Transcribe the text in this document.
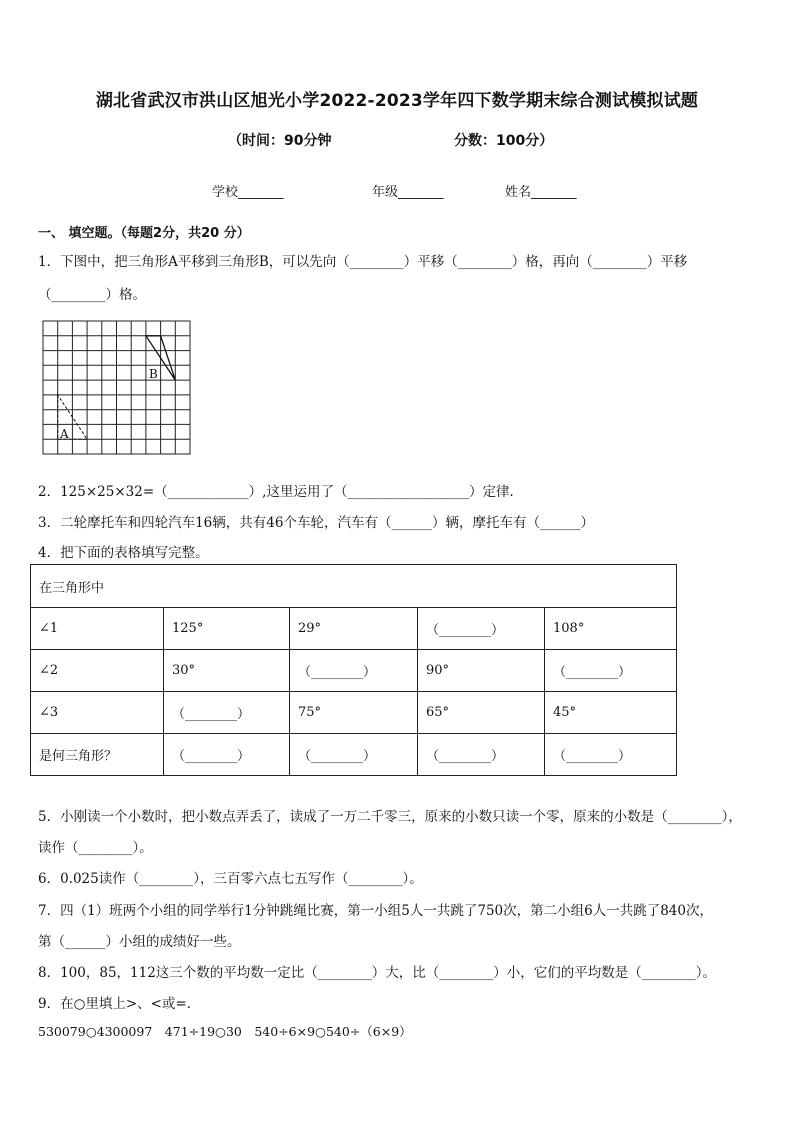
湖北省武汉市洪山区旭光小学2022-2023学年四下数学期末综合测试模拟试题
（时间：90分钟	分数：100分）
学校_______	年级_______	姓名_______
一、 填空题。（每题2分，共20 分）
1．下图中，把三角形A平移到三角形B，可以先向（________）平移（________）格，再向（________）平移
（________）格。
B
A
2．125×25×32=（____________）,这里运用了（__________________）定律．
3．二轮摩托车和四轮汽车16辆，共有46个车轮，汽车有（______）辆，摩托车有（______）
4．把下面的表格填写完整。
在三角形中				
∠1	125°	29°	（________）	108°
∠2	30°	（________）	90°	（________）
∠3	（________）	75°	65°	45°
是何三角形？	（________）	（________）	（________）	（________）
5．小刚读一个小数时，把小数点弄丢了，读成了一万二千零三，原来的小数只读一个零，原来的小数是（________），
读作（________）。
6．0.025读作（________），三百零六点七五写作（________）。
7．四（1）班两个小组的同学举行1分钟跳绳比赛，第一小组5人一共跳了750次，第二小组6人一共跳了840次，
第（______）小组的成绩好一些。
8．100，85，112这三个数的平均数一定比（________）大，比（________）小，它们的平均数是（________）。
9．在○里填上>、<或=．
530079○4300097　471÷19○30　540÷6×9○540÷（6×9）
